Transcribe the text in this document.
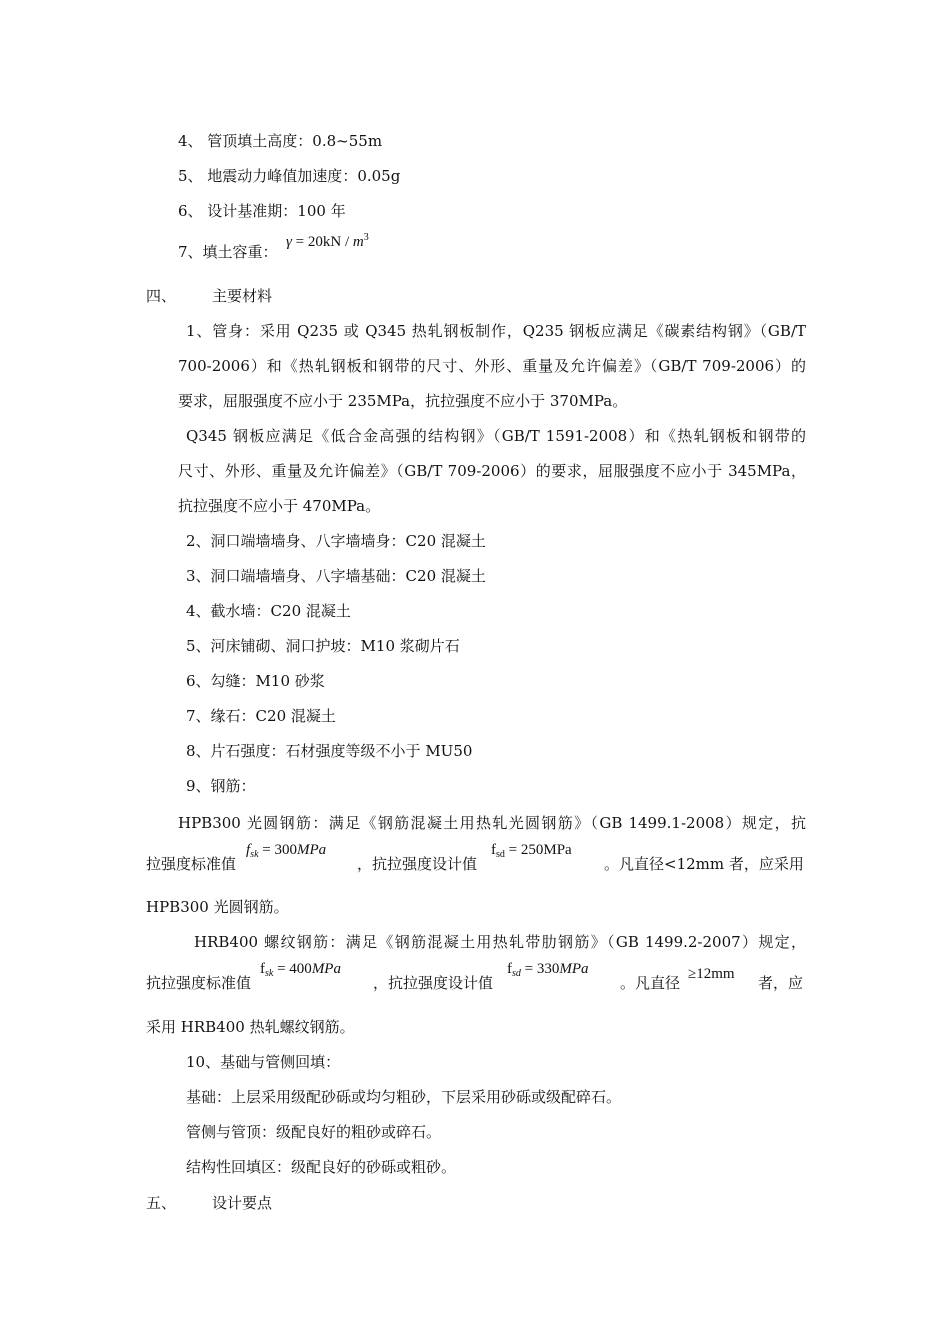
4、 管顶填土高度：0.8~55m
5、 地震动力峰值加速度：0.05g
6、 设计基准期：100 年
7、填土容重：
$\gamma = 20kN / m^3$
四、 主要材料
1、管身：采用 Q235 或 Q345 热轧钢板制作，Q235 钢板应满足《碳素结构钢》（GB/T
700-2006）和《热轧钢板和钢带的尺寸、外形、重量及允许偏差》（GB/T 709-2006）的
要求，屈服强度不应小于 235MPa，抗拉强度不应小于 370MPa。
Q345 钢板应满足《低合金高强的结构钢》（GB/T 1591-2008）和《热轧钢板和钢带的
尺寸、外形、重量及允许偏差》（GB/T 709-2006）的要求，屈服强度不应小于 345MPa，
抗拉强度不应小于 470MPa。
2、洞口端墙墙身、八字墙墙身：C20 混凝土
3、洞口端墙墙身、八字墙基础：C20 混凝土
4、截水墙：C20 混凝土
5、河床铺砌、洞口护坡：M10 浆砌片石
6、勾缝：M10 砂浆
7、缘石：C20 混凝土
8、片石强度：石材强度等级不小于 MU50
9、钢筋：
HPB300 光圆钢筋：满足《钢筋混凝土用热轧光圆钢筋》（GB 1499.1-2008）规定，抗
拉强度标准值
$f_{sk} = 300MPa$
，抗拉强度设计值
$f_{sd} = 250MPa$
。凡直径<12mm 者，应采用
HPB300 光圆钢筋。
HRB400 螺纹钢筋：满足《钢筋混凝土用热轧带肋钢筋》（GB 1499.2-2007）规定，
抗拉强度标准值
$f_{sk} = 400MPa$
，抗拉强度设计值
$f_{sd} = 330MPa$
。凡直径 ≥12mm 者，应
采用 HRB400 热轧螺纹钢筋。
10、基础与管侧回填：
基础：上层采用级配砂砾或均匀粗砂，下层采用砂砾或级配碎石。
管侧与管顶：级配良好的粗砂或碎石。
结构性回填区：级配良好的砂砾或粗砂。
五、 设计要点
